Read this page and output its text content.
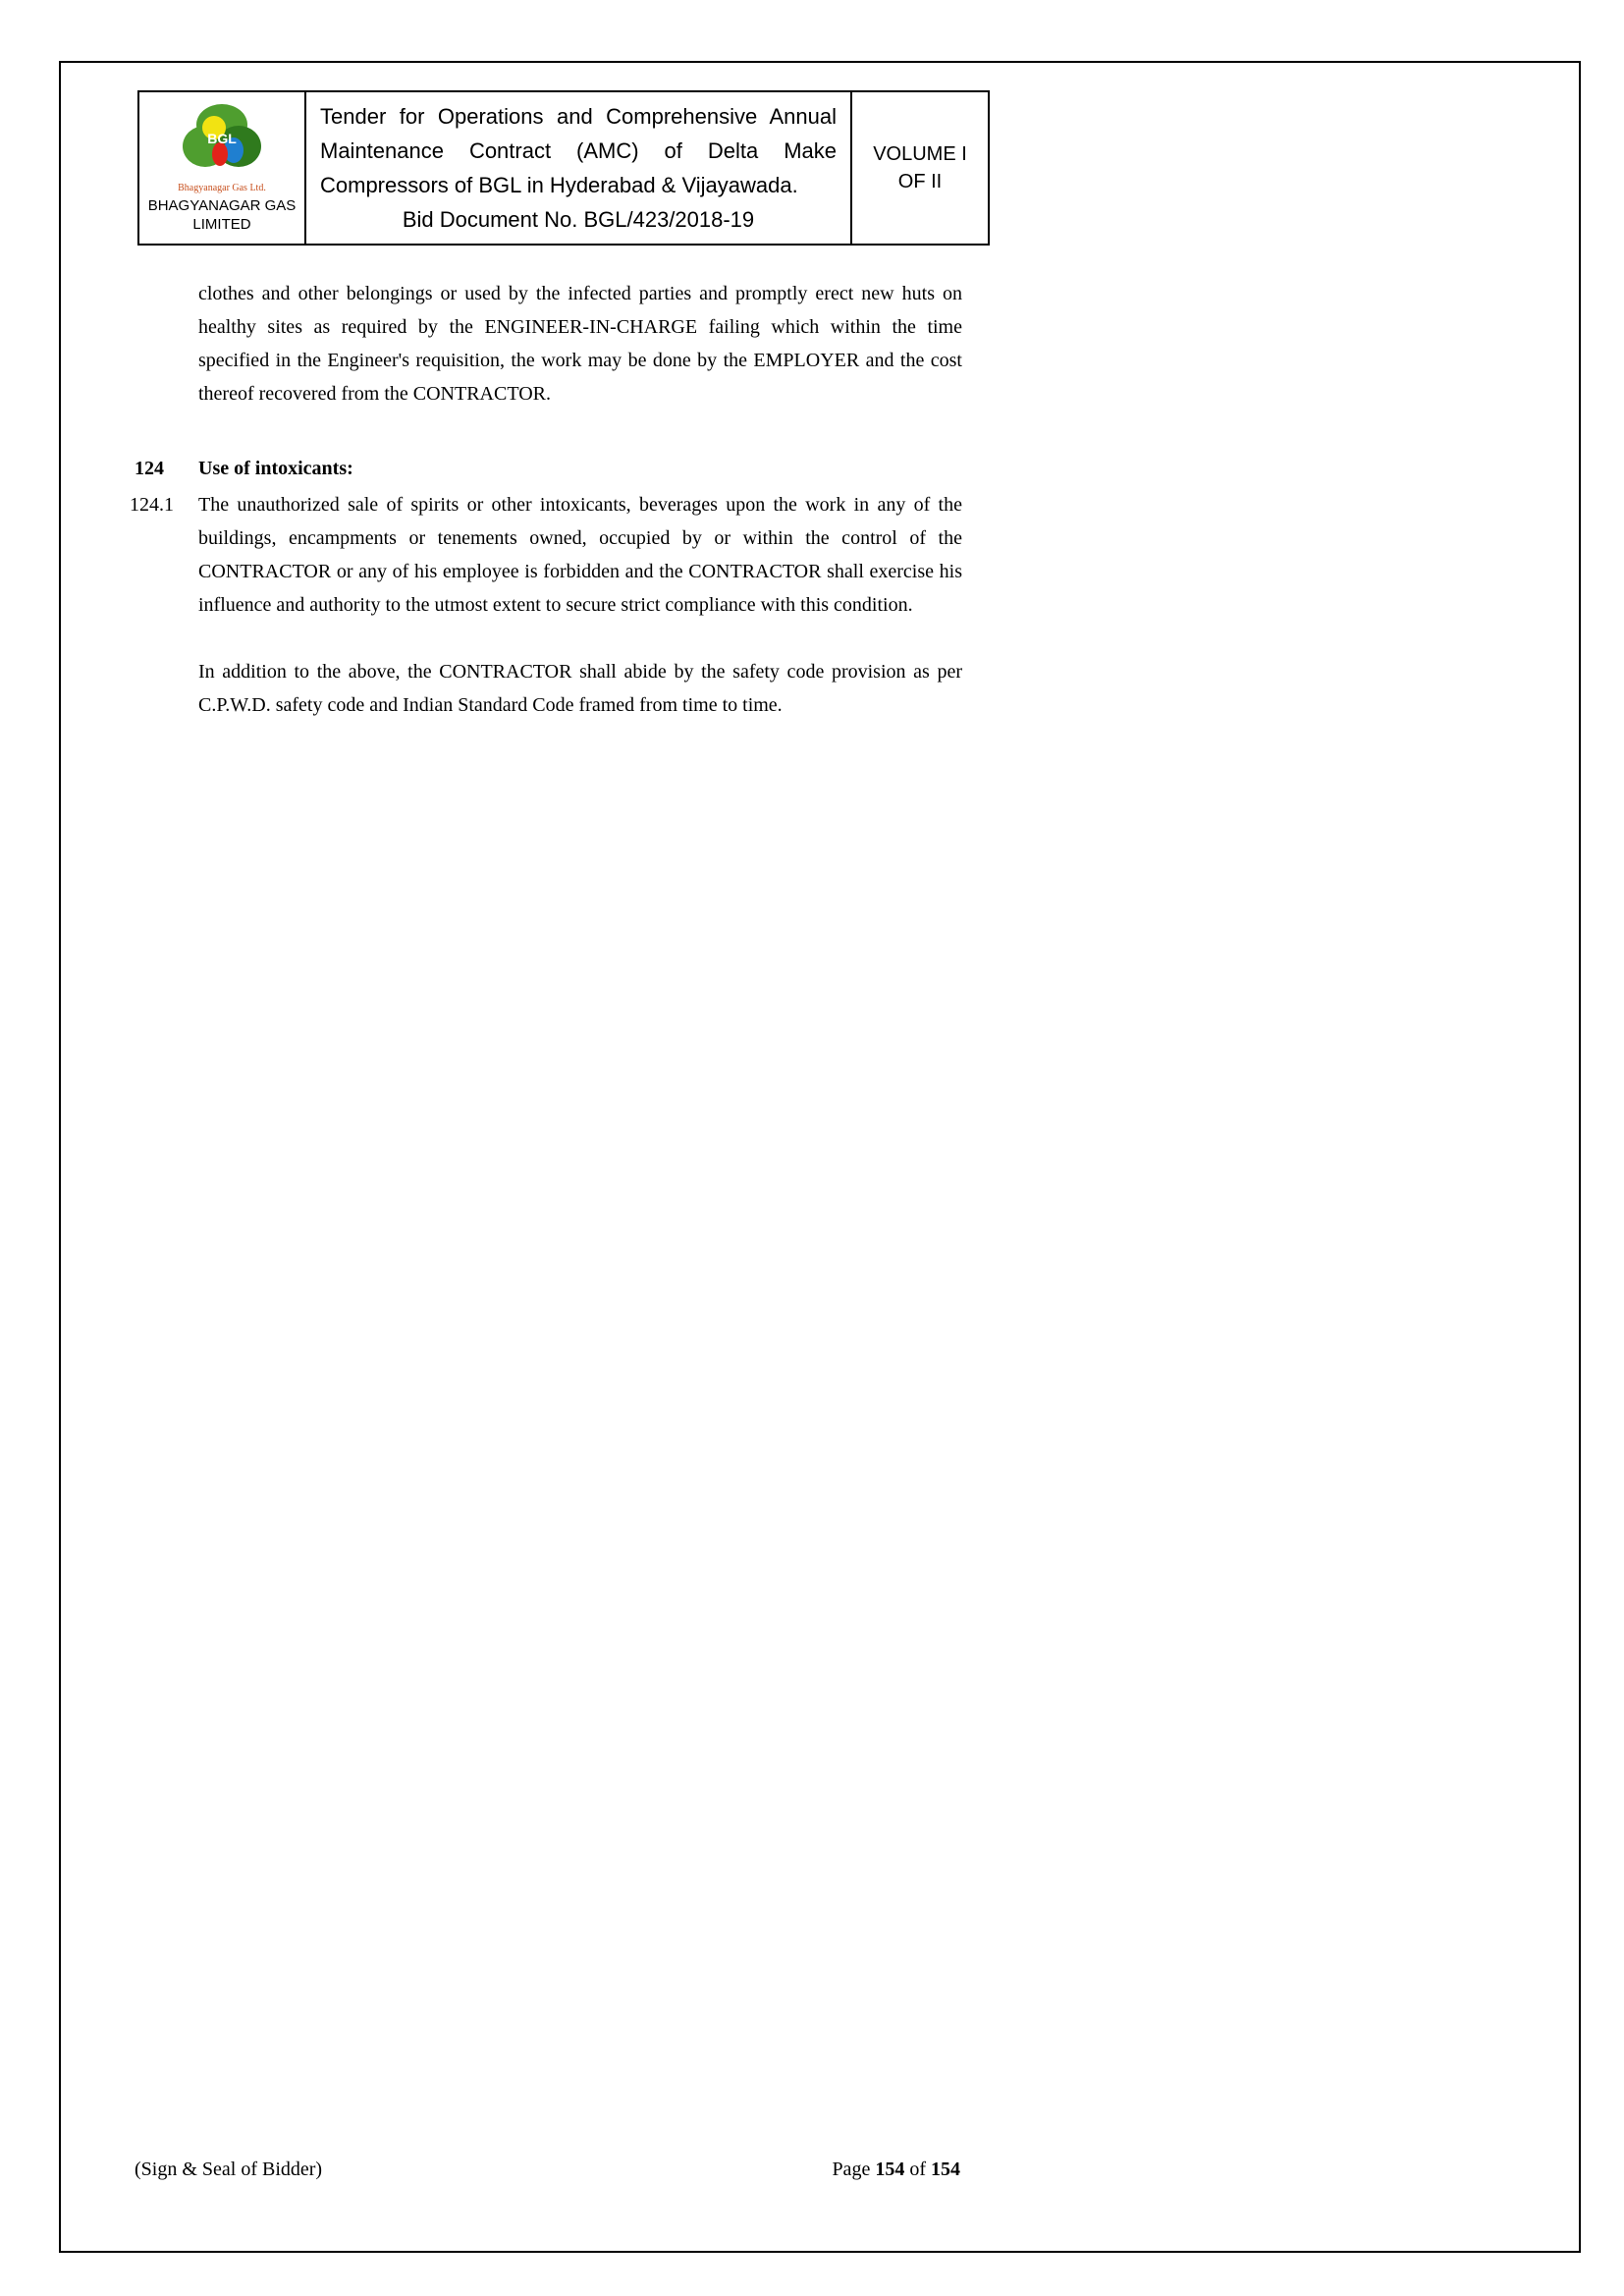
BGL
Bhagyanagar Gas Ltd.
BHAGYANAGAR GAS
LIMITED
Tender for Operations and Comprehensive Annual
Maintenance Contract (AMC) of Delta Make
Compressors of BGL in Hyderabad & Vijayawada.
Bid Document No. BGL/423/2018-19
VOLUME I
OF II
clothes and other belongings or used by the infected parties and promptly erect new huts on healthy sites as required by the ENGINEER-IN-CHARGE failing which within the time specified in the Engineer's requisition, the work may be done by the EMPLOYER and the cost thereof recovered from the CONTRACTOR.
124 Use of intoxicants:
124.1 The unauthorized sale of spirits or other intoxicants, beverages upon the work in any of the buildings, encampments or tenements owned, occupied by or within the control of the CONTRACTOR or any of his employee is forbidden and the CONTRACTOR shall exercise his influence and authority to the utmost extent to secure strict compliance with this condition.
In addition to the above, the CONTRACTOR shall abide by the safety code provision as per C.P.W.D. safety code and Indian Standard Code framed from time to time.
(Sign & Seal of Bidder)	Page 154 of 154
